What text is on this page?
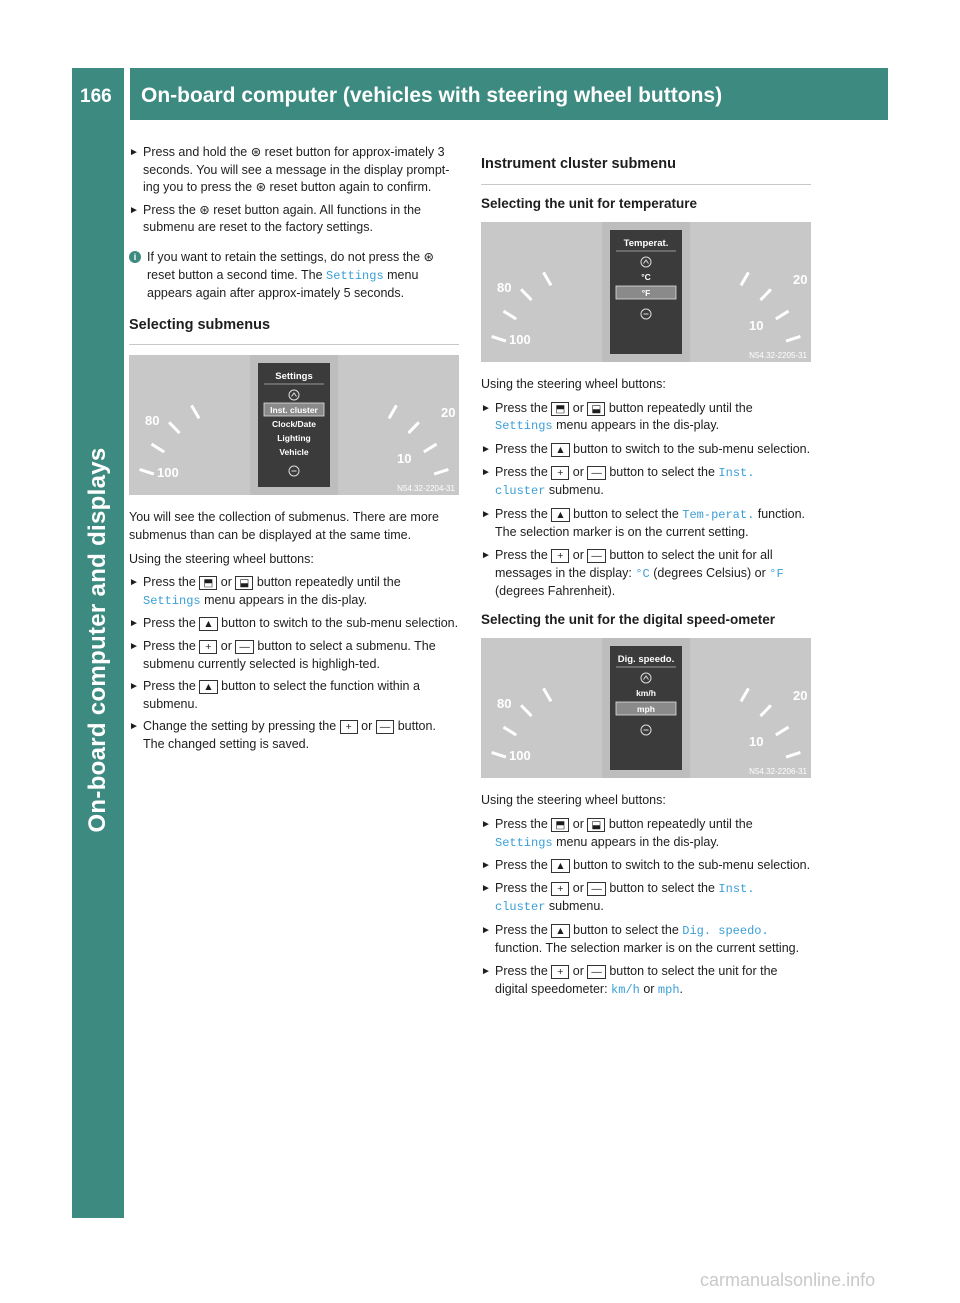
On-board computer and displays
166 On-board computer (vehicles with steering wheel buttons)
► Press and hold the ⊛ reset button for approx-imately 3 seconds. You will see a message in the display prompt-ing you to press the ⊛ reset button again to confirm.
► Press the ⊛ reset button again. All functions in the submenu are reset to the factory settings.
i If you want to retain the settings, do not press the ⊛ reset button a second time. The Settings menu appears again after approx-imately 5 seconds.
Selecting submenus
80
100
20
10
Settings
Inst. cluster
Clock/Date
Lighting
Vehicle
N54.32-2204-31

You will see the collection of submenus. There are more submenus than can be displayed at the same time.

Using the steering wheel buttons:

► Press the ⬒ or ⬓ button repeatedly until the Settings menu appears in the dis-play.
► Press the ▲ button to switch to the sub-menu selection.
► Press the + or — button to select a submenu. The submenu currently selected is highligh-ted.
► Press the ▲ button to select the function within a submenu.
► Change the setting by pressing the + or — button. The changed setting is saved.
Instrument cluster submenu
Selecting the unit for temperature
80
100
20
10
Temperat.
°C
°F
N54.32-2205-31

Using the steering wheel buttons:

► Press the ⬒ or ⬓ button repeatedly until the Settings menu appears in the dis-play.
► Press the ▲ button to switch to the sub-menu selection.
► Press the + or — button to select the Inst. cluster submenu.
► Press the ▲ button to select the Tem-perat. function. The selection marker is on the current setting.
► Press the + or — button to select the unit for all messages in the display: °C (degrees Celsius) or °F (degrees Fahrenheit).
Selecting the unit for the digital speed-ometer
80
100
20
10
Dig. speedo.
km/h
mph
N54.32-2206-31

Using the steering wheel buttons:

► Press the ⬒ or ⬓ button repeatedly until the Settings menu appears in the dis-play.
► Press the ▲ button to switch to the sub-menu selection.
► Press the + or — button to select the Inst. cluster submenu.
► Press the ▲ button to select the Dig. speedo. function. The selection marker is on the current setting.
► Press the + or — button to select the unit for the digital speedometer: km/h or mph.
carmanualsonline.info
